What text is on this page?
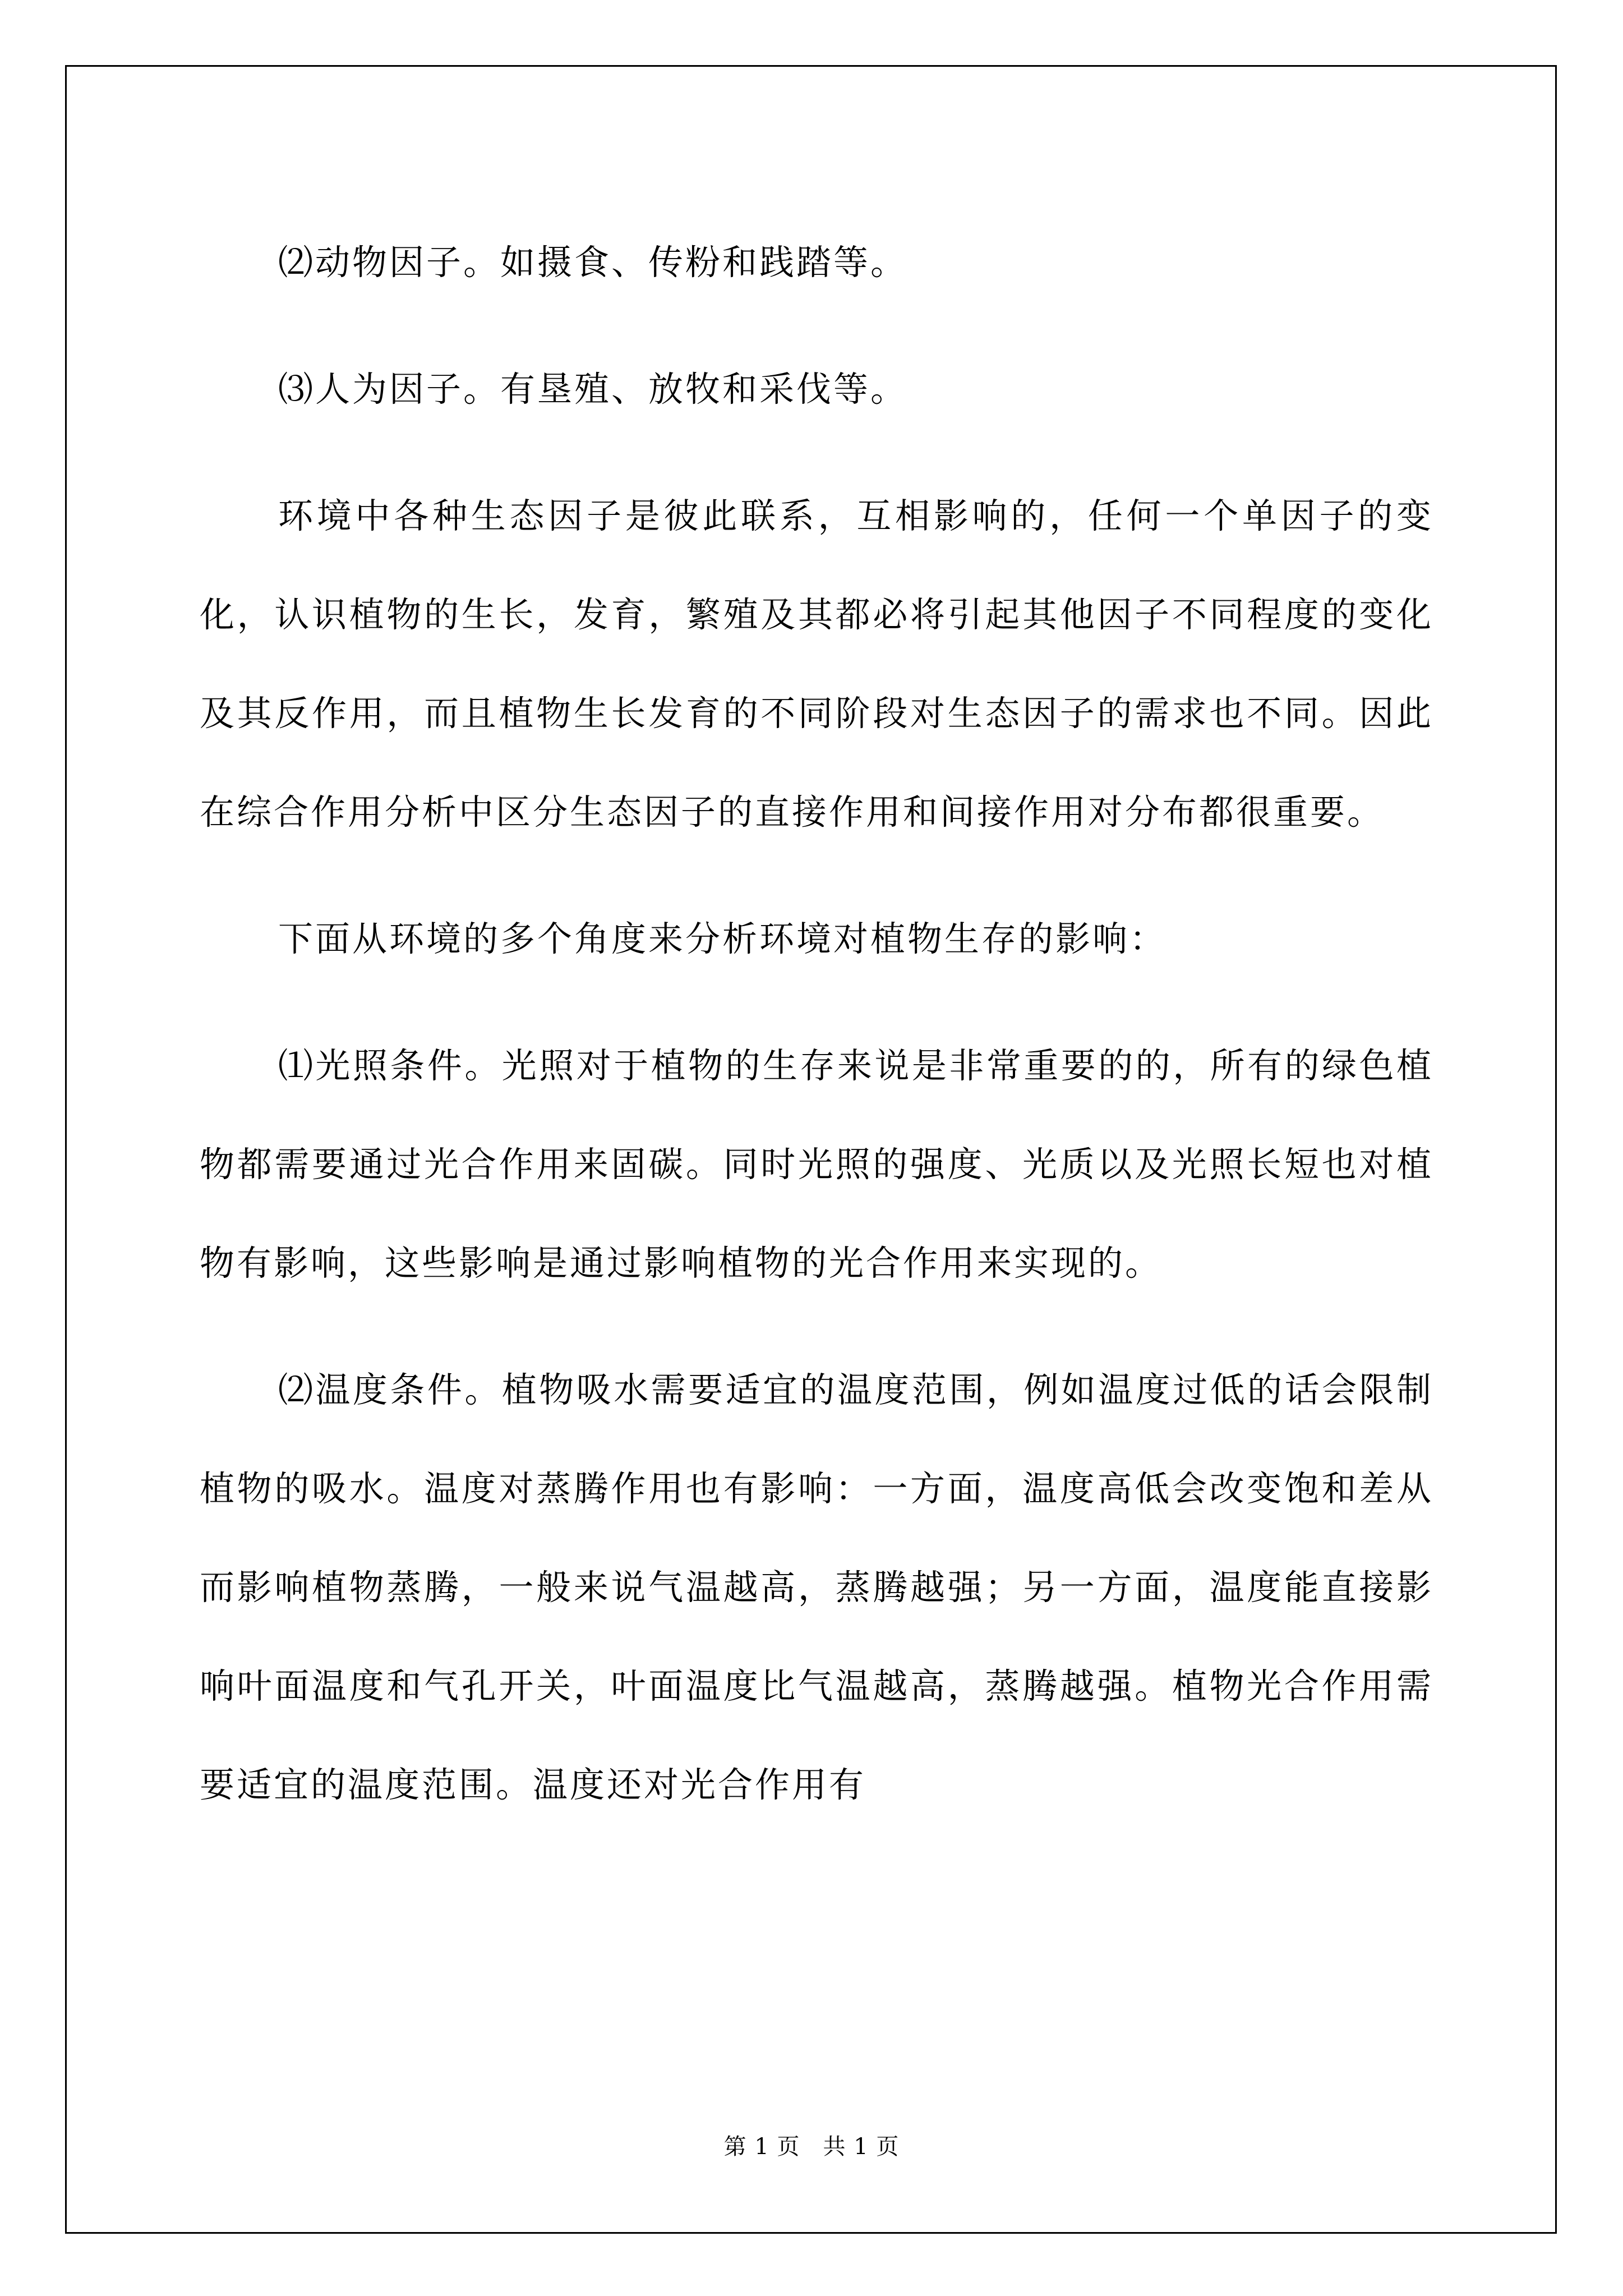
⑵动物因子。如摄食、传粉和践踏等。

⑶人为因子。有垦殖、放牧和采伐等。

环境中各种生态因子是彼此联系，互相影响的，任何一个单因子的变化，认识植物的生长，发育，繁殖及其都必将引起其他因子不同程度的变化及其反作用，而且植物生长发育的不同阶段对生态因子的需求也不同。因此在综合作用分析中区分生态因子的直接作用和间接作用对分布都很重要。

下面从环境的多个角度来分析环境对植物生存的影响：

⑴光照条件。光照对于植物的生存来说是非常重要的的，所有的绿色植物都需要通过光合作用来固碳。同时光照的强度、光质以及光照长短也对植物有影响，这些影响是通过影响植物的光合作用来实现的。

⑵温度条件。植物吸水需要适宜的温度范围，例如温度过低的话会限制植物的吸水。温度对蒸腾作用也有影响：一方面，温度高低会改变饱和差从而影响植物蒸腾，一般来说气温越高，蒸腾越强；另一方面，温度能直接影响叶面温度和气孔开关，叶面温度比气温越高，蒸腾越强。植物光合作用需要适宜的温度范围。温度还对光合作用有

第 1 页　共 1 页
